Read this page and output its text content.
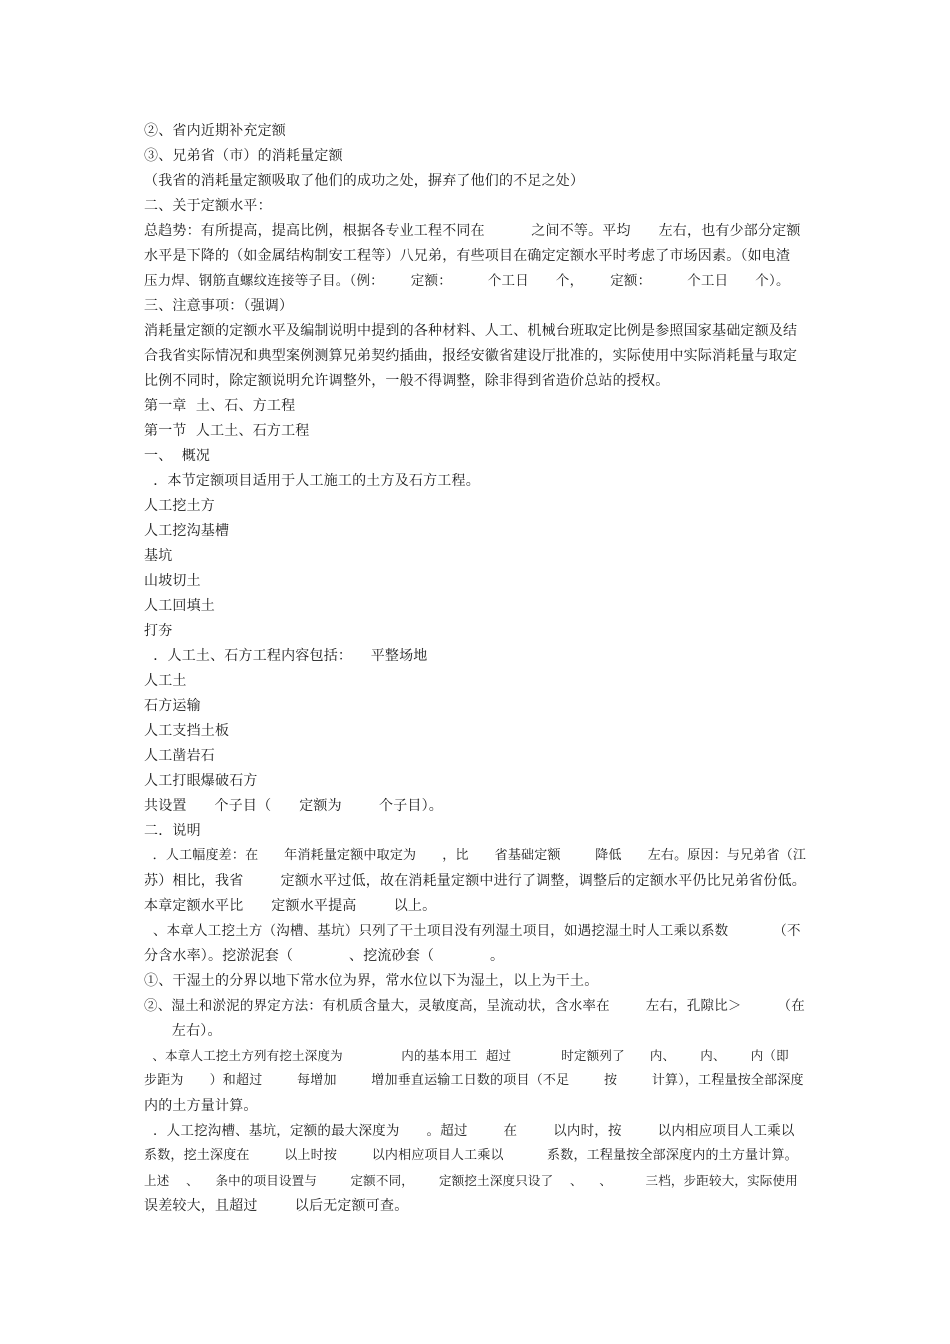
②、省内近期补充定额
③、兄弟省（市）的消耗量定额
（我省的消耗量定额吸取了他们的成功之处，摒弃了他们的不足之处）
二、关于定额水平：
总趋势：有所提高，提高比例，根据各专业工程不同在          之间不等。平均      左右，也有少部分定额
水平是下降的（如金属结构制安工程等）八兄弟，有些项目在确定定额水平时考虑了市场因素。（如电渣
压力焊、钢筋直螺纹连接等子目。（例：      定额：        个工日      个，      定额：        个工日      个）。
三、注意事项：（强调）
消耗量定额的定额水平及编制说明中提到的各种材料、人工、机械台班取定比例是参照国家基础定额及结
合我省实际情况和典型案例测算兄弟契约插曲，报经安徽省建设厅批准的，实际使用中实际消耗量与取定
比例不同时，除定额说明允许调整外，一般不得调整，除非得到省造价总站的授权。
第一章  土、石、方工程
第一节  人工土、石方工程
一、  概况
．本节定额项目适用于人工施工的土方及石方工程。
人工挖土方
人工挖沟基槽
基坑
山坡切土
人工回填土
打夯
．人工土、石方工程内容包括：    平整场地
人工土
石方运输
人工支挡土板
人工凿岩石
人工打眼爆破石方
共设置      个子目（      定额为        个子目）。
二．说明
．人工幅度差：在      年消耗量定额中取定为      ，比      省基础定额        降低      左右。原因：与兄弟省（江
苏）相比，我省        定额水平过低，故在消耗量定额中进行了调整，调整后的定额水平仍比兄弟省份低。
本章定额水平比      定额水平提高        以上。
、本章人工挖土方（沟槽、基坑）只列了干土项目没有列湿土项目，如遇挖湿土时人工乘以系数          （不
分含水率）。挖淤泥套（            、挖流砂套（            。
①、干湿土的分界以地下常水位为界，常水位以下为湿土，以上为干土。
②、湿土和淤泥的界定方法：有机质含量大，灵敏度高，呈流动状，含水率在        左右，孔隙比＞        （在
左右）。
、本章人工挖土方列有挖土深度为              内的基本用工  超过            时定额列了      内、      内、      内（即
步距为      ）和超过        每增加        增加垂直运输工日数的项目（不足        按        计算），工程量按全部深度
内的土方量计算。
．人工挖沟槽、基坑，定额的最大深度为      。超过        在        以内时，按        以内相应项目人工乘以
系数，挖土深度在        以上时按        以内相应项目人工乘以          系数，工程量按全部深度内的土方量计算。
上述    、    条中的项目设置与        定额不同，      定额挖土深度只设了    、    、        三档，步距较大，实际使用
误差较大，且超过        以后无定额可查。
